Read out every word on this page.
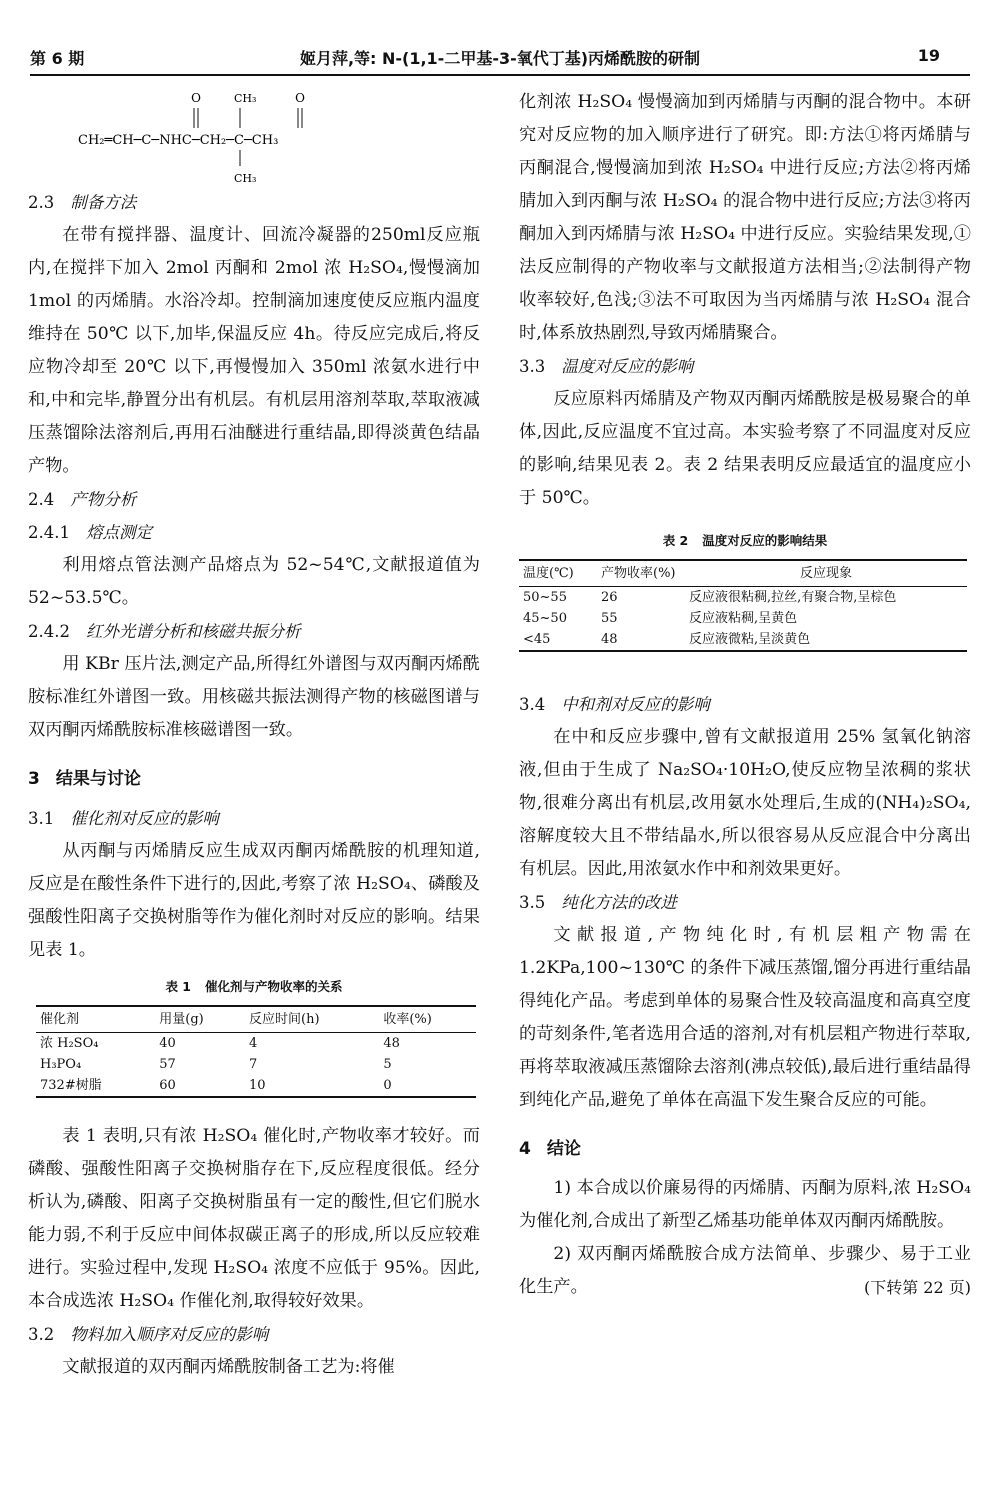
第 6 期	姬月萍,等: N-(1,1-二甲基-3-氧代丁基)丙烯酰胺的研制	19
O	CH₃	O
CH₂═CH─C─NHC─CH₂─C─CH₃
CH₃
2.3 制备方法

在带有搅拌器、温度计、回流冷凝器的250ml反应瓶内,在搅拌下加入 2mol 丙酮和 2mol 浓 H₂SO₄,慢慢滴加 1mol 的丙烯腈。水浴冷却。控制滴加速度使反应瓶内温度维持在 50℃ 以下,加毕,保温反应 4h。待反应完成后,将反应物冷却至 20℃ 以下,再慢慢加入 350ml 浓氨水进行中和,中和完毕,静置分出有机层。有机层用溶剂萃取,萃取液减压蒸馏除法溶剂后,再用石油醚进行重结晶,即得淡黄色结晶产物。

2.4 产物分析
2.4.1 熔点测定

利用熔点管法测产品熔点为 52~54℃,文献报道值为 52~53.5℃。

2.4.2 红外光谱分析和核磁共振分析

用 KBr 压片法,测定产品,所得红外谱图与双丙酮丙烯酰胺标准红外谱图一致。用核磁共振法测得产物的核磁图谱与双丙酮丙烯酰胺标准核磁谱图一致。

3 结果与讨论
3.1 催化剂对反应的影响

从丙酮与丙烯腈反应生成双丙酮丙烯酰胺的机理知道,反应是在酸性条件下进行的,因此,考察了浓 H₂SO₄、磷酸及强酸性阳离子交换树脂等作为催化剂时对反应的影响。结果见表 1。

表 1 催化剂与产物收率的关系
催化剂	用量(g)	反应时间(h)	收率(%)
浓 H₂SO₄	40	4	48
H₃PO₄	57	7	5
732#树脂	60	10	0

表 1 表明,只有浓 H₂SO₄ 催化时,产物收率才较好。而磷酸、强酸性阳离子交换树脂存在下,反应程度很低。经分析认为,磷酸、阳离子交换树脂虽有一定的酸性,但它们脱水能力弱,不利于反应中间体叔碳正离子的形成,所以反应较难进行。实验过程中,发现 H₂SO₄ 浓度不应低于 95%。因此,本合成选浓 H₂SO₄ 作催化剂,取得较好效果。

3.2 物料加入顺序对反应的影响

文献报道的双丙酮丙烯酰胺制备工艺为:将催

化剂浓 H₂SO₄ 慢慢滴加到丙烯腈与丙酮的混合物中。本研究对反应物的加入顺序进行了研究。即:方法①将丙烯腈与丙酮混合,慢慢滴加到浓 H₂SO₄ 中进行反应;方法②将丙烯腈加入到丙酮与浓 H₂SO₄ 的混合物中进行反应;方法③将丙酮加入到丙烯腈与浓 H₂SO₄ 中进行反应。实验结果发现,①法反应制得的产物收率与文献报道方法相当;②法制得产物收率较好,色浅;③法不可取因为当丙烯腈与浓 H₂SO₄ 混合时,体系放热剧烈,导致丙烯腈聚合。

3.3 温度对反应的影响

反应原料丙烯腈及产物双丙酮丙烯酰胺是极易聚合的单体,因此,反应温度不宜过高。本实验考察了不同温度对反应的影响,结果见表 2。表 2 结果表明反应最适宜的温度应小于 50℃。

表 2 温度对反应的影响结果
温度(℃)	产物收率(%)	反应现象
50~55	26	反应液很粘稠,拉丝,有聚合物,呈棕色
45~50	55	反应液粘稠,呈黄色
<45	48	反应液微粘,呈淡黄色
3.4 中和剂对反应的影响

在中和反应步骤中,曾有文献报道用 25% 氢氧化钠溶液,但由于生成了 Na₂SO₄·10H₂O,使反应物呈浓稠的浆状物,很难分离出有机层,改用氨水处理后,生成的(NH₄)₂SO₄,溶解度较大且不带结晶水,所以很容易从反应混合中分离出有机层。因此,用浓氨水作中和剂效果更好。

3.5 纯化方法的改进

文献报道,产物纯化时,有机层粗产物需在 1.2KPa,100~130℃ 的条件下减压蒸馏,馏分再进行重结晶得纯化产品。考虑到单体的易聚合性及较高温度和高真空度的苛刻条件,笔者选用合适的溶剂,对有机层粗产物进行萃取,再将萃取液减压蒸馏除去溶剂(沸点较低),最后进行重结晶得到纯化产品,避免了单体在高温下发生聚合反应的可能。

4 结论

1) 本合成以价廉易得的丙烯腈、丙酮为原料,浓 H₂SO₄ 为催化剂,合成出了新型乙烯基功能单体双丙酮丙烯酰胺。

2) 双丙酮丙烯酰胺合成方法简单、步骤少、易于工业化生产。	(下转第 22 页)
